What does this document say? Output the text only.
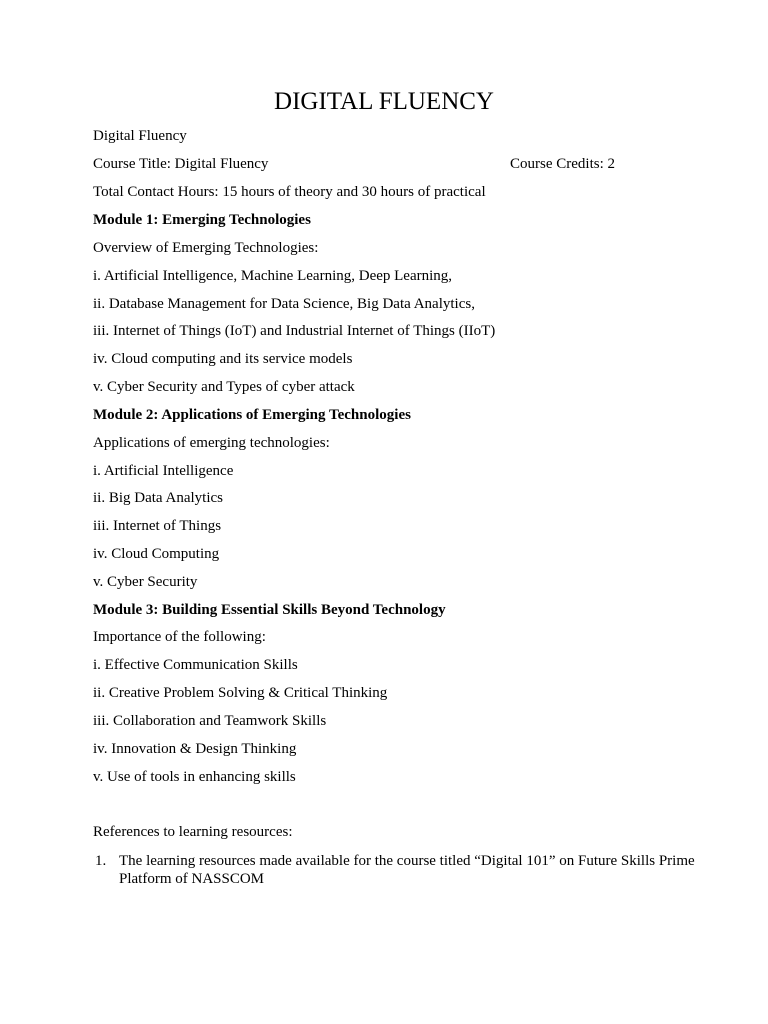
DIGITAL FLUENCY
Digital Fluency
Course Title: Digital Fluency	Course Credits: 2
Total Contact Hours: 15 hours of theory and 30 hours of practical
Module 1: Emerging Technologies
Overview of Emerging Technologies:
i. Artificial Intelligence, Machine Learning, Deep Learning,
ii. Database Management for Data Science, Big Data Analytics,
iii. Internet of Things (IoT) and Industrial Internet of Things (IIoT)
iv. Cloud computing and its service models
v. Cyber Security and Types of cyber attack
Module 2: Applications of Emerging Technologies
Applications of emerging technologies:
i. Artificial Intelligence
ii. Big Data Analytics
iii. Internet of Things
iv. Cloud Computing
v. Cyber Security
Module 3: Building Essential Skills Beyond Technology
Importance of the following:
i. Effective Communication Skills
ii. Creative Problem Solving & Critical Thinking
iii. Collaboration and Teamwork Skills
iv. Innovation & Design Thinking
v. Use of tools in enhancing skills
References to learning resources:
1. The learning resources made available for the course titled “Digital 101” on Future Skills Prime Platform of NASSCOM
